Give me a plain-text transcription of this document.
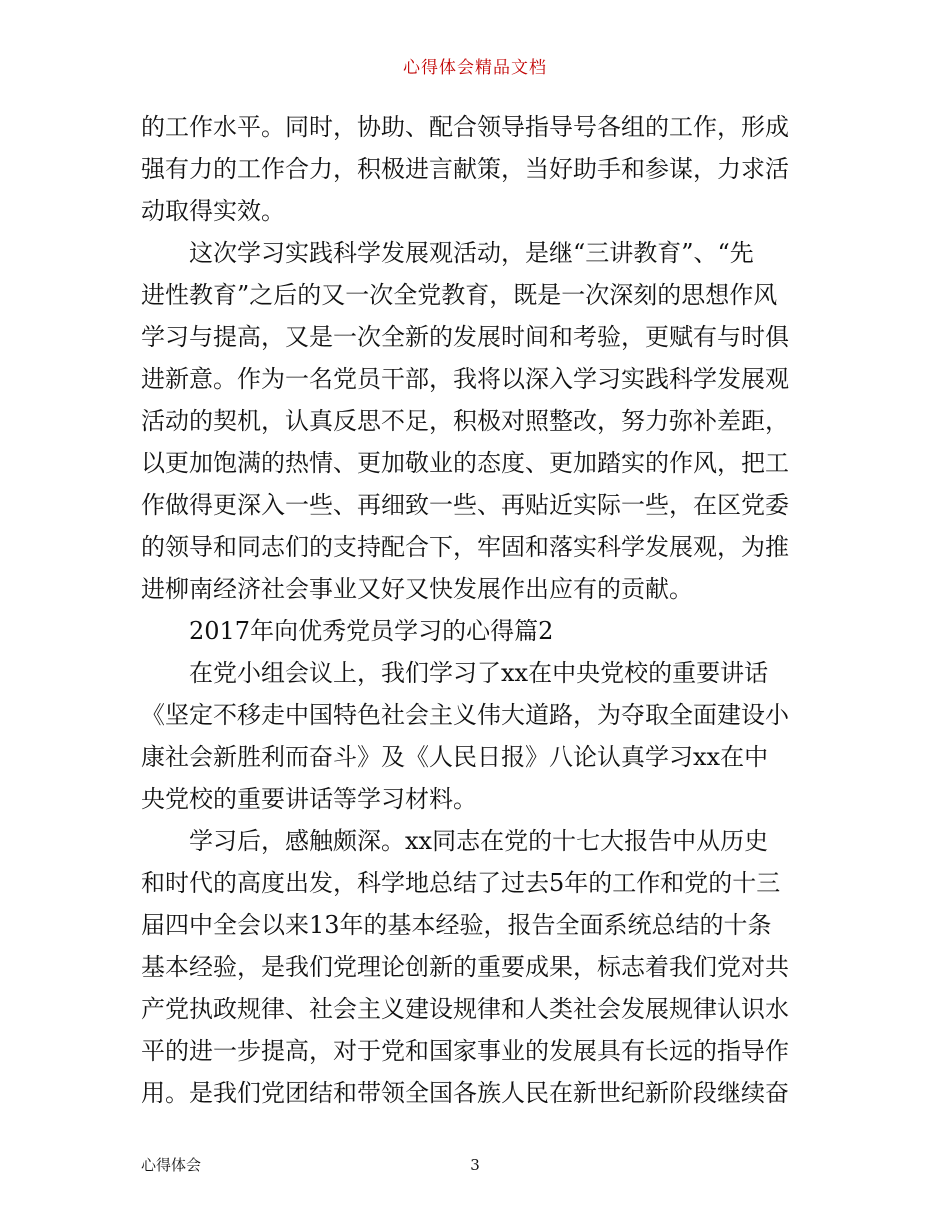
心得体会精品文档

的工作水平。同时，协助、配合领导指导号各组的工作，形成

强有力的工作合力，积极进言献策，当好助手和参谋，力求活

动取得实效。

这次学习实践科学发展观活动，是继“三讲教育”、“先

进性教育”之后的又一次全党教育，既是一次深刻的思想作风

学习与提高，又是一次全新的发展时间和考验，更赋有与时俱

进新意。作为一名党员干部，我将以深入学习实践科学发展观

活动的契机，认真反思不足，积极对照整改，努力弥补差距，

以更加饱满的热情、更加敬业的态度、更加踏实的作风，把工

作做得更深入一些、再细致一些、再贴近实际一些，在区党委

的领导和同志们的支持配合下，牢固和落实科学发展观，为推

进柳南经济社会事业又好又快发展作出应有的贡献。

2017年向优秀党员学习的心得篇2

在党小组会议上，我们学习了xx在中央党校的重要讲话

《坚定不移走中国特色社会主义伟大道路，为夺取全面建设小

康社会新胜利而奋斗》及《人民日报》八论认真学习xx在中

央党校的重要讲话等学习材料。

学习后，感触颇深。xx同志在党的十七大报告中从历史

和时代的高度出发，科学地总结了过去5年的工作和党的十三

届四中全会以来13年的基本经验，报告全面系统总结的十条

基本经验，是我们党理论创新的重要成果，标志着我们党对共

产党执政规律、社会主义建设规律和人类社会发展规律认识水

平的进一步提高，对于党和国家事业的发展具有长远的指导作

用。是我们党团结和带领全国各族人民在新世纪新阶段继续奋

心得体会	3
